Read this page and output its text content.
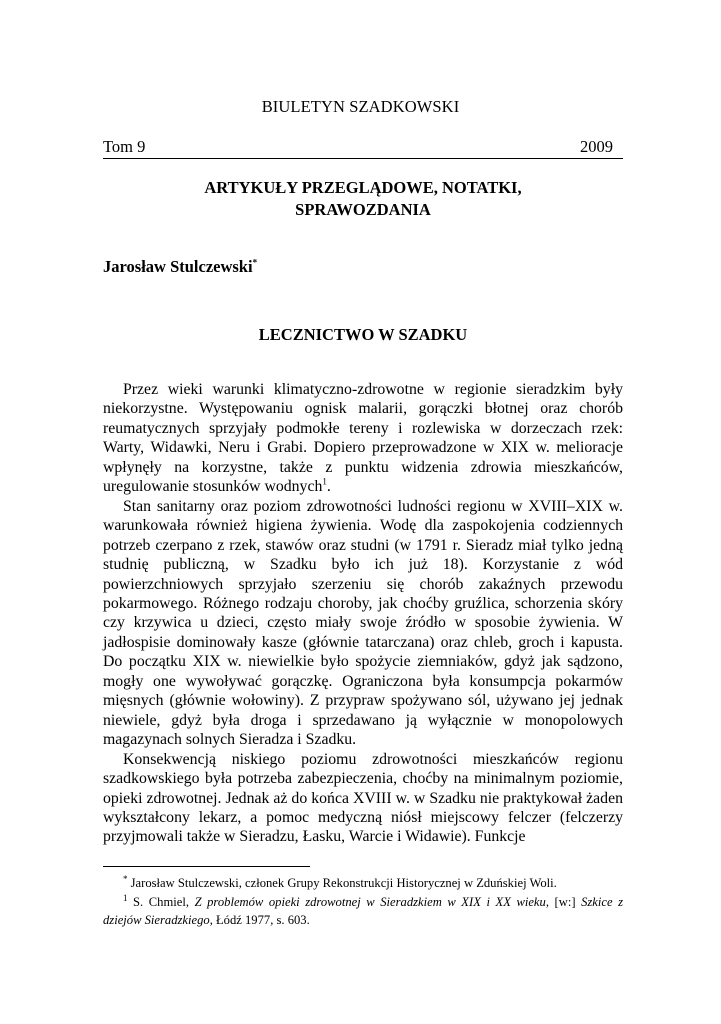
BIULETYN SZADKOWSKI
Tom 9	2009
ARTYKUŁY PRZEGLĄDOWE, NOTATKI,
SPRAWOZDANIA
Jarosław Stulczewski*
LECZNICTWO W SZADKU

Przez wieki warunki klimatyczno-zdrowotne w regionie sieradzkim były niekorzystne. Występowaniu ognisk malarii, gorączki błotnej oraz chorób reumatycznych sprzyjały podmokłe tereny i rozlewiska w dorzeczach rzek: Warty, Widawki, Neru i Grabi. Dopiero przeprowadzone w XIX w. melioracje wpłynęły na korzystne, także z punktu widzenia zdrowia mieszkańców, uregulowanie stosunków wodnych$^1$.

Stan sanitarny oraz poziom zdrowotności ludności regionu w XVIII–XIX w. warunkowała również higiena żywienia. Wodę dla zaspokojenia codziennych potrzeb czerpano z rzek, stawów oraz studni (w 1791 r. Sieradz miał tylko jedną studnię publiczną, w Szadku było ich już 18). Korzystanie z wód powierzchniowych sprzyjało szerzeniu się chorób zakaźnych przewodu pokarmowego. Różnego rodzaju choroby, jak choćby gruźlica, schorzenia skóry czy krzywica u dzieci, często miały swoje źródło w sposobie żywienia. W jadłospisie dominowały kasze (głównie tatarczana) oraz chleb, groch i kapusta. Do początku XIX w. niewielkie było spożycie ziemniaków, gdyż jak sądzono, mogły one wywoływać gorączkę. Ograniczona była konsumpcja pokarmów mięsnych (głównie wołowiny). Z przypraw spożywano sól, używano jej jednak niewiele, gdyż była droga i sprzedawano ją wyłącznie w monopolowych magazynach solnych Sieradza i Szadku.

Konsekwencją niskiego poziomu zdrowotności mieszkańców regionu szadkowskiego była potrzeba zabezpieczenia, choćby na minimalnym poziomie, opieki zdrowotnej. Jednak aż do końca XVIII w. w Szadku nie praktykował żaden wykształcony lekarz, a pomoc medyczną niósł miejscowy felczer (felczerzy przyjmowali także w Sieradzu, Łasku, Warcie i Widawie). Funkcje

* Jarosław Stulczewski, członek Grupy Rekonstrukcji Historycznej w Zduńskiej Woli.

$^1$ S. Chmiel, Z problemów opieki zdrowotnej w Sieradzkiem w XIX i XX wieku, [w:] Szkice z dziejów Sieradzkiego, Łódź 1977, s. 603.
